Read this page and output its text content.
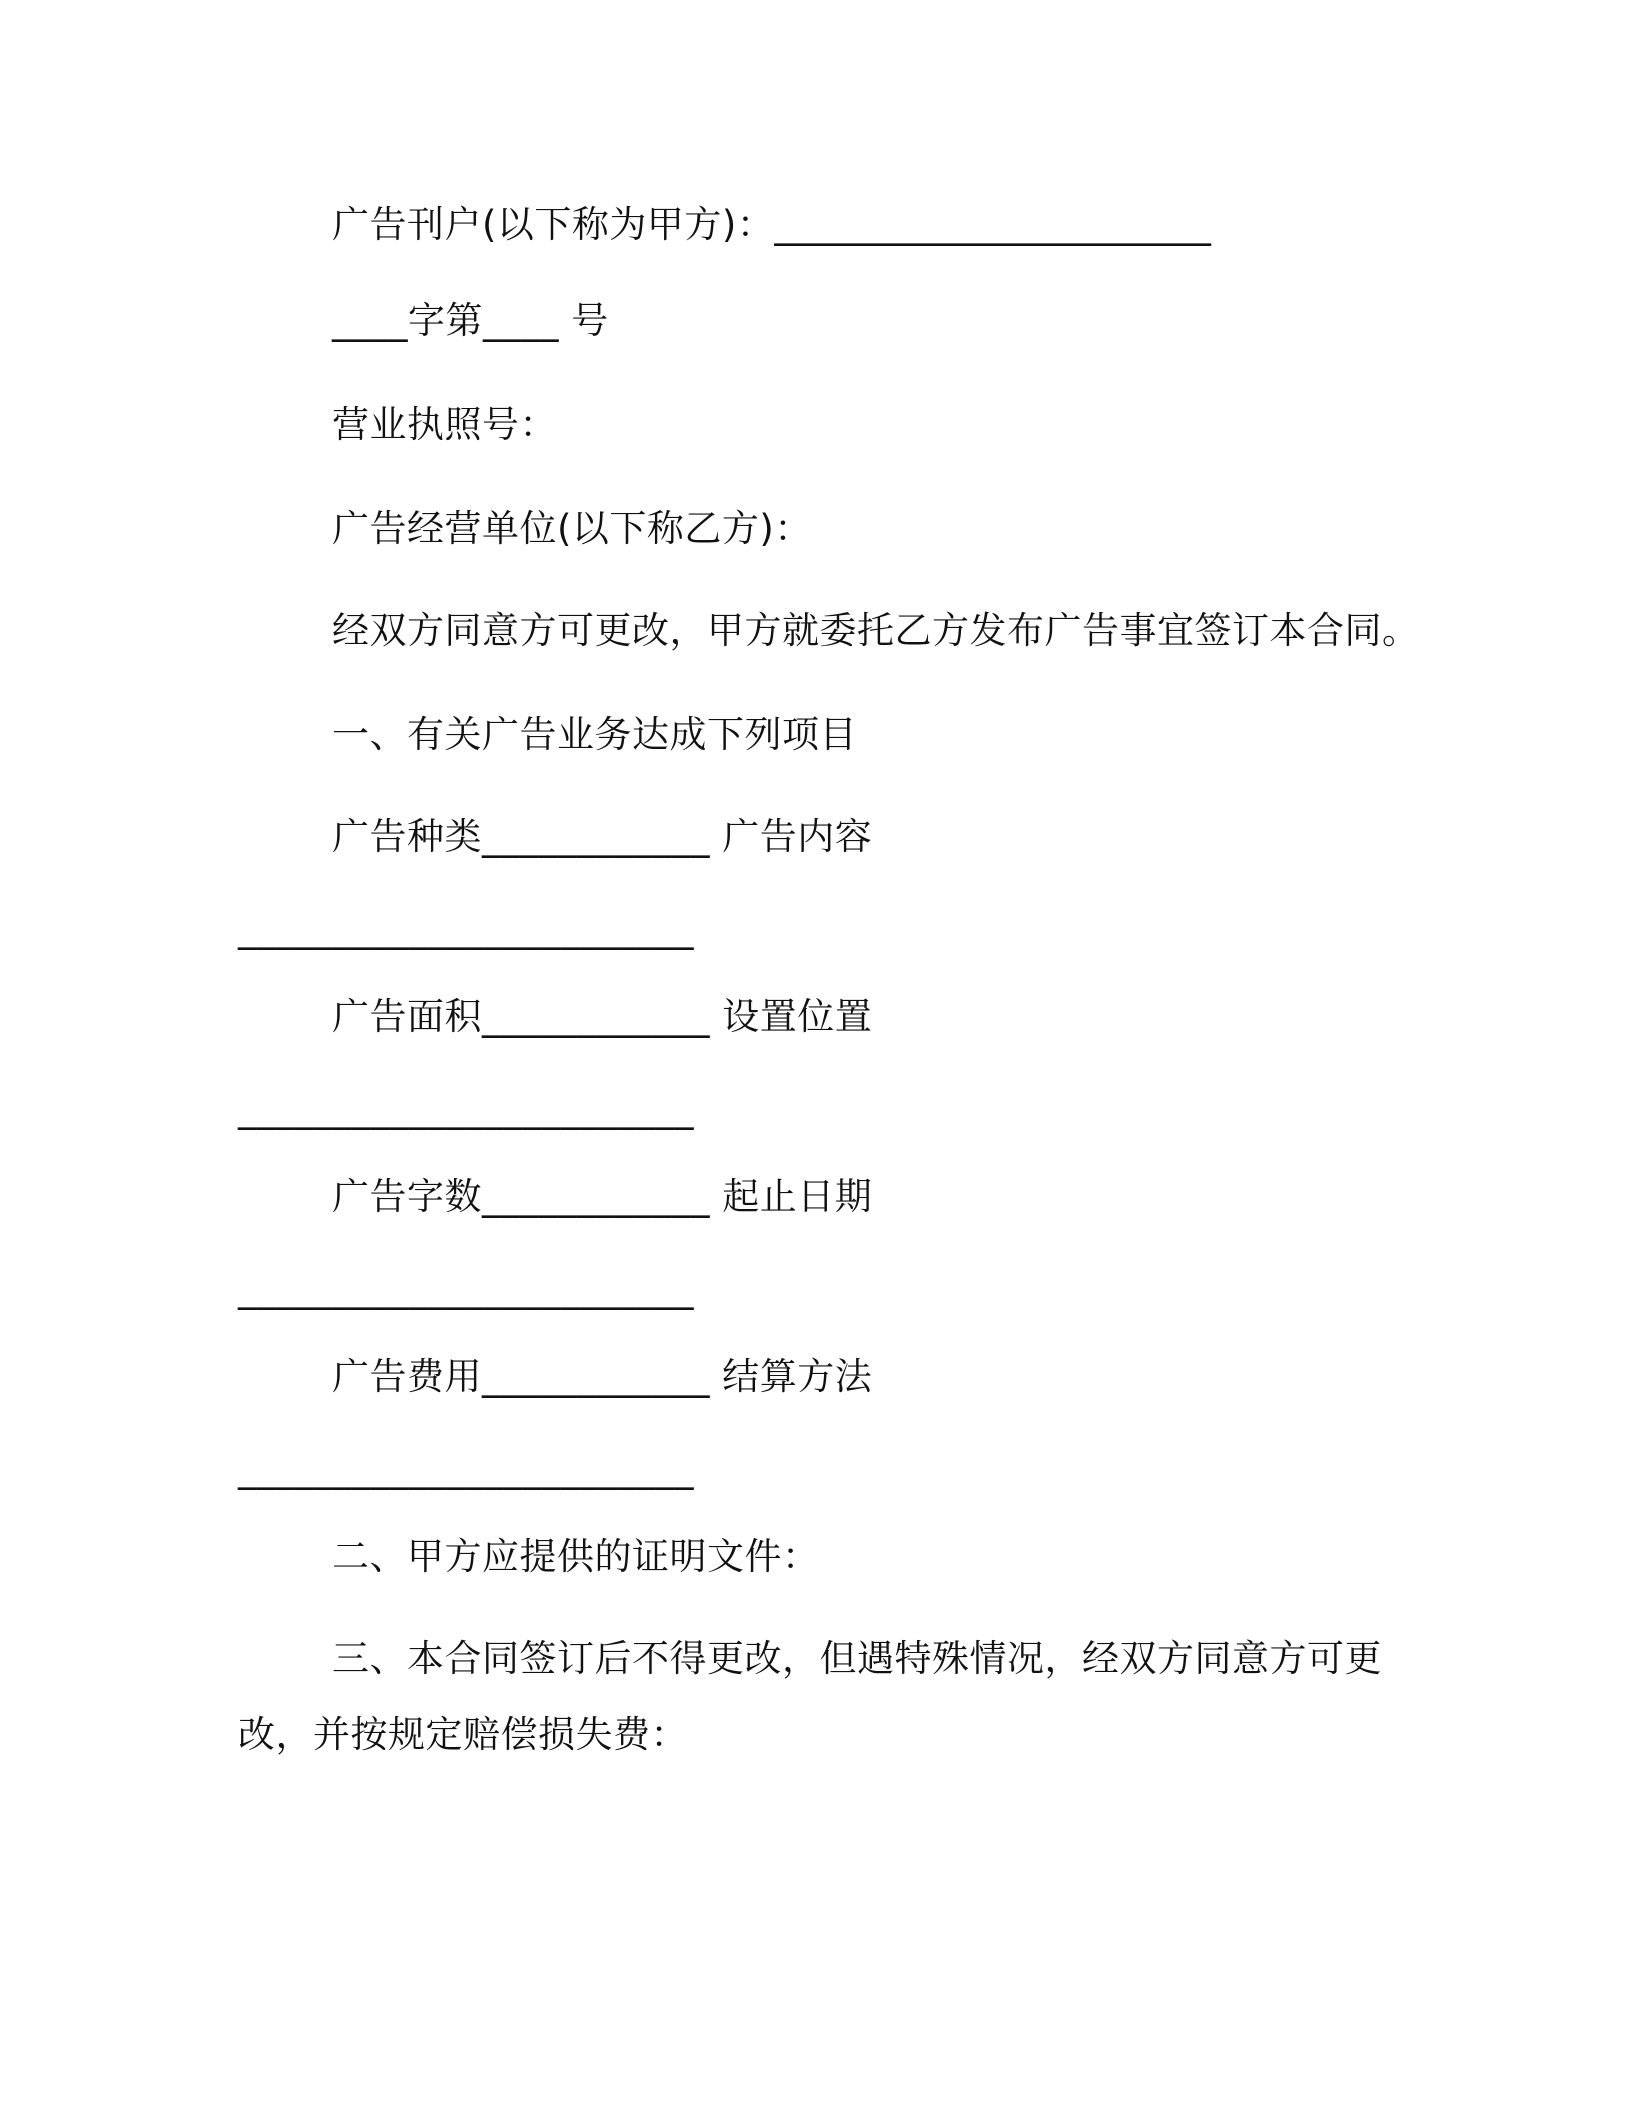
广告刊户(以下称为甲方)：_______________________
____字第____ 号
营业执照号：
广告经营单位(以下称乙方)：
经双方同意方可更改，甲方就委托乙方发布广告事宜签订本合同。
一、有关广告业务达成下列项目
广告种类____________ 广告内容
________________________
广告面积____________ 设置位置
________________________
广告字数____________ 起止日期
________________________
广告费用____________ 结算方法
________________________
二、甲方应提供的证明文件：
三、本合同签订后不得更改，但遇特殊情况，经双方同意方可更
改，并按规定赔偿损失费：
